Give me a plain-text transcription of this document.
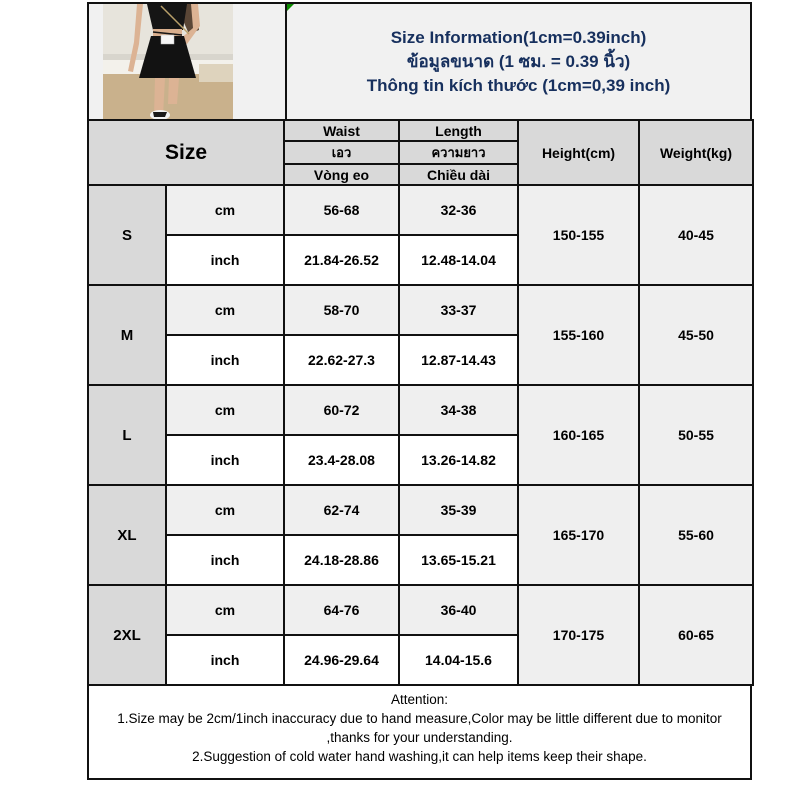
Size Information(1cm=0.39inch)
ข้อมูลขนาด (1 ซม. = 0.39 นิ้ว)
Thông tin kích thước (1cm=0,39 inch)
Size		Waist	Length	Height(cm)	Weight(kg)
		เอว	ความยาว		
		Vòng eo	Chiều dài		
S	cm	56-68	32-36	150-155	40-45
	inch	21.84-26.52	12.48-14.04		
M	cm	58-70	33-37	155-160	45-50
	inch	22.62-27.3	12.87-14.43		
L	cm	60-72	34-38	160-165	50-55
	inch	23.4-28.08	13.26-14.82		
XL	cm	62-74	35-39	165-170	55-60
	inch	24.18-28.86	13.65-15.21		
2XL	cm	64-76	36-40	170-175	60-65
	inch	24.96-29.64	14.04-15.6		
Attention:
1.Size may be 2cm/1inch inaccuracy due to hand measure,Color may be little different due to monitor ,thanks for your understanding.
2.Suggestion of cold water hand washing,it can help items keep their shape.
